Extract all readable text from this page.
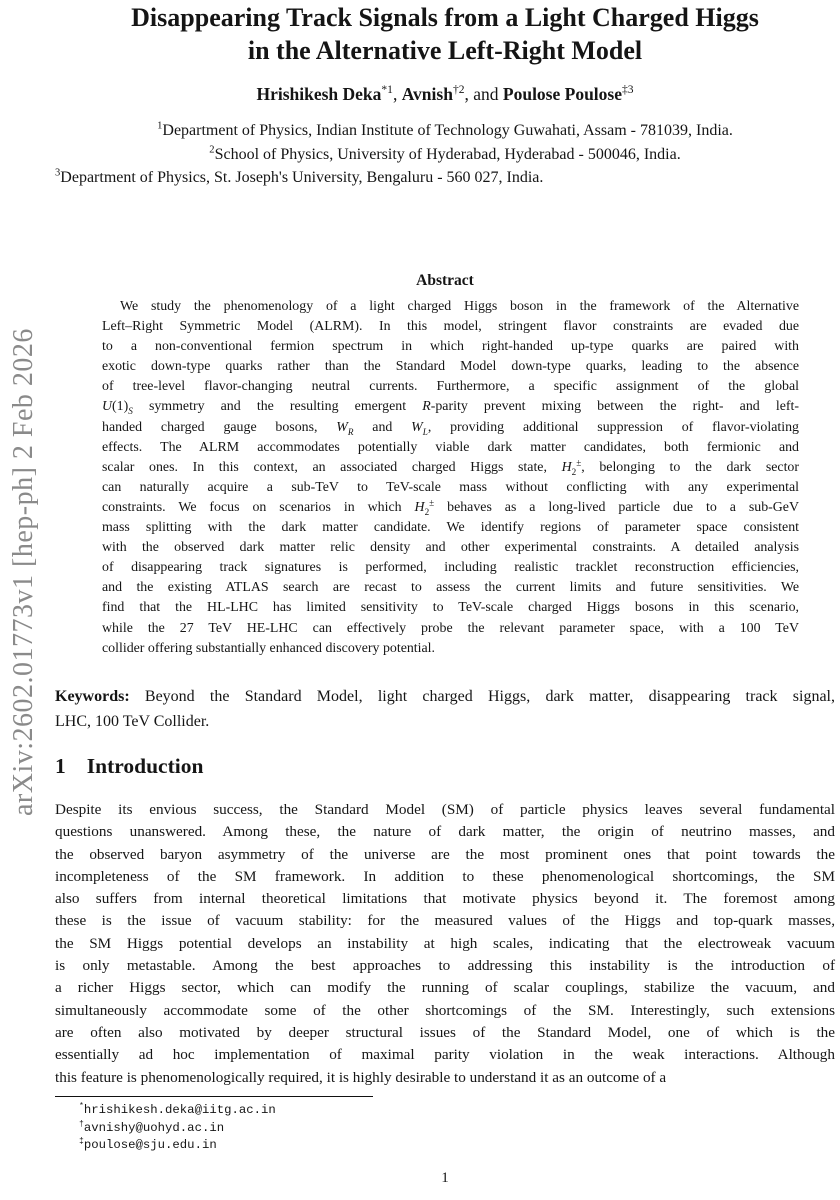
arXiv:2602.01773v1 [hep-ph] 2 Feb 2026
Disappearing Track Signals from a Light Charged Higgs
in the Alternative Left-Right Model
Hrishikesh Deka$^{*1}$, Avnish$^{\dagger 2}$, and Poulose Poulose$^{\ddagger 3}$
$^1$Department of Physics, Indian Institute of Technology Guwahati, Assam - 781039, India.
$^2$School of Physics, University of Hyderabad, Hyderabad - 500046, India.
$^3$Department of Physics, St. Joseph's University, Bengaluru - 560 027, India.
Abstract
We study the phenomenology of a light charged Higgs boson in the framework of the Alternative
Left–Right Symmetric Model (ALRM). In this model, stringent flavor constraints are evaded due
to a non-conventional fermion spectrum in which right-handed up-type quarks are paired with
exotic down-type quarks rather than the Standard Model down-type quarks, leading to the absence
of tree-level flavor-changing neutral currents. Furthermore, a specific assignment of the global
$U(1)_S$ symmetry and the resulting emergent R-parity prevent mixing between the right- and left-
handed charged gauge bosons, $W_R$ and $W_L$, providing additional suppression of flavor-violating
effects. The ALRM accommodates potentially viable dark matter candidates, both fermionic and
scalar ones. In this context, an associated charged Higgs state, $H_2^\pm$, belonging to the dark sector
can naturally acquire a sub-TeV to TeV-scale mass without conflicting with any experimental
constraints. We focus on scenarios in which $H_2^\pm$ behaves as a long-lived particle due to a sub-GeV
mass splitting with the dark matter candidate. We identify regions of parameter space consistent
with the observed dark matter relic density and other experimental constraints. A detailed analysis
of disappearing track signatures is performed, including realistic tracklet reconstruction efficiencies,
and the existing ATLAS search are recast to assess the current limits and future sensitivities. We
find that the HL-LHC has limited sensitivity to TeV-scale charged Higgs bosons in this scenario,
while the 27 TeV HE-LHC can effectively probe the relevant parameter space, with a 100 TeV
collider offering substantially enhanced discovery potential.
Keywords: Beyond the Standard Model, light charged Higgs, dark matter, disappearing track signal,
LHC, 100 TeV Collider.
1 Introduction
Despite its envious success, the Standard Model (SM) of particle physics leaves several fundamental
questions unanswered. Among these, the nature of dark matter, the origin of neutrino masses, and
the observed baryon asymmetry of the universe are the most prominent ones that point towards the
incompleteness of the SM framework. In addition to these phenomenological shortcomings, the SM
also suffers from internal theoretical limitations that motivate physics beyond it. The foremost among
these is the issue of vacuum stability: for the measured values of the Higgs and top-quark masses,
the SM Higgs potential develops an instability at high scales, indicating that the electroweak vacuum
is only metastable. Among the best approaches to addressing this instability is the introduction of
a richer Higgs sector, which can modify the running of scalar couplings, stabilize the vacuum, and
simultaneously accommodate some of the other shortcomings of the SM. Interestingly, such extensions
are often also motivated by deeper structural issues of the Standard Model, one of which is the
essentially ad hoc implementation of maximal parity violation in the weak interactions. Although
this feature is phenomenologically required, it is highly desirable to understand it as an outcome of a
*hrishikesh.deka@iitg.ac.in
†avnishy@uohyd.ac.in
‡poulose@sju.edu.in
1
